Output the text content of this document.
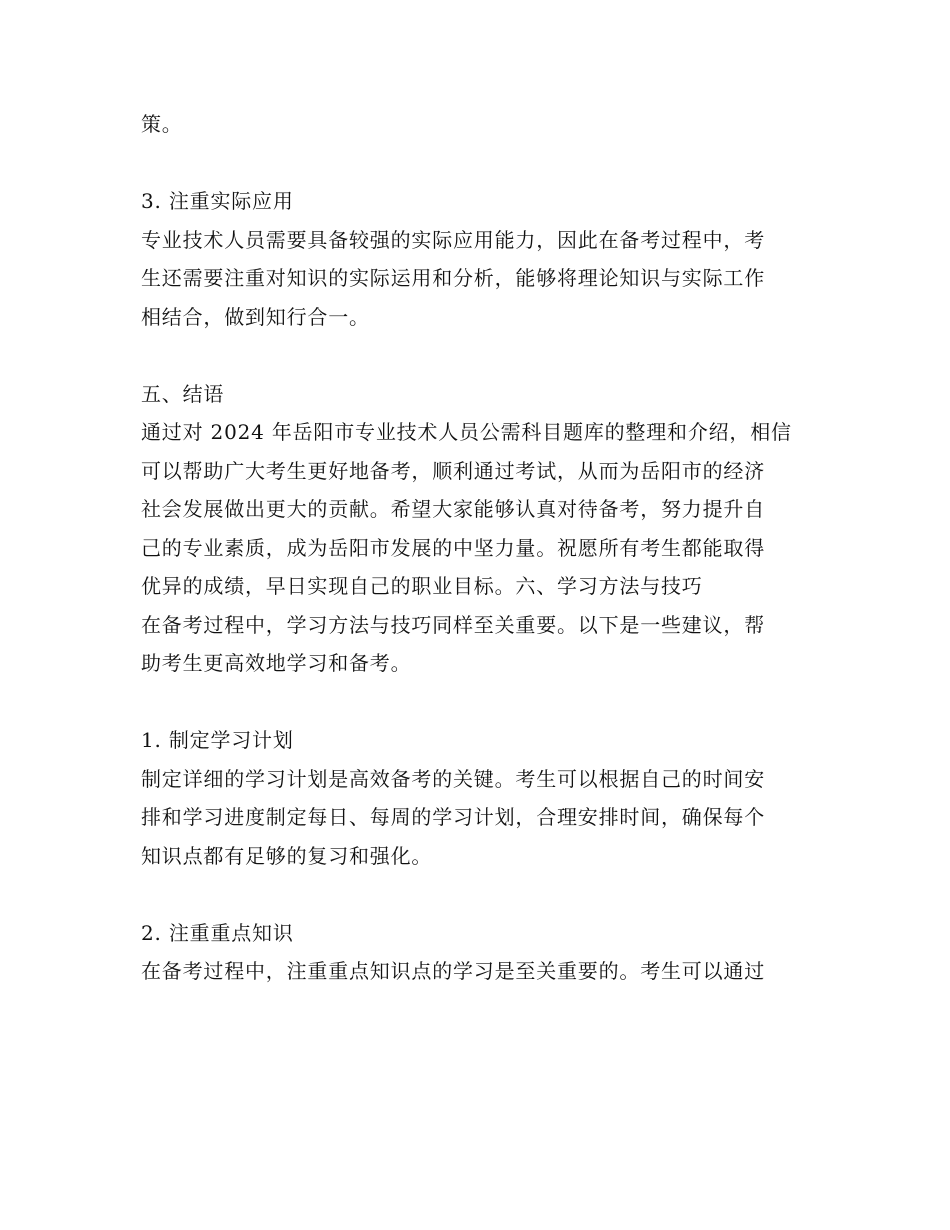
策。
3. 注重实际应用
专业技术人员需要具备较强的实际应用能力，因此在备考过程中，考
生还需要注重对知识的实际运用和分析，能够将理论知识与实际工作
相结合，做到知行合一。
五、结语
通过对 2024 年岳阳市专业技术人员公需科目题库的整理和介绍，相信
可以帮助广大考生更好地备考，顺利通过考试，从而为岳阳市的经济
社会发展做出更大的贡献。希望大家能够认真对待备考，努力提升自
己的专业素质，成为岳阳市发展的中坚力量。祝愿所有考生都能取得
优异的成绩，早日实现自己的职业目标。六、学习方法与技巧
在备考过程中，学习方法与技巧同样至关重要。以下是一些建议，帮
助考生更高效地学习和备考。
1. 制定学习计划
制定详细的学习计划是高效备考的关键。考生可以根据自己的时间安
排和学习进度制定每日、每周的学习计划，合理安排时间，确保每个
知识点都有足够的复习和强化。
2. 注重重点知识
在备考过程中，注重重点知识点的学习是至关重要的。考生可以通过
